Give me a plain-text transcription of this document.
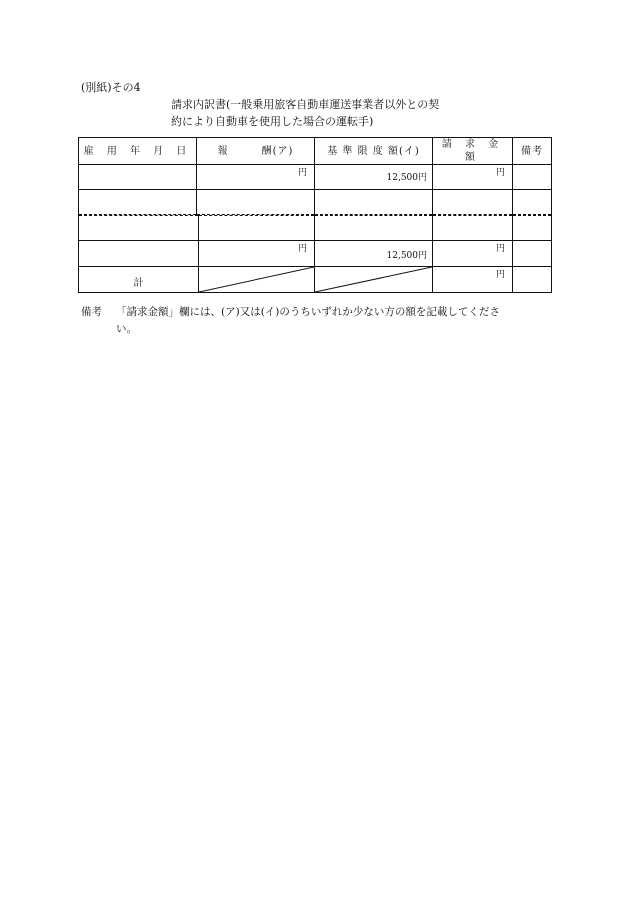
(別紙)その4
請求内訳書(一般乗用旅客自動車運送事業者以外との契
約により自動車を使用した場合の運転手)
雇 用 年 月 日	報　　　酬(ア)	基 準 限 度 額(イ)	請 求 金 額	備考

	円	12,500円	円	

	円	12,500円	円	

計			円	

備考 「請求金額」欄には、(ア)又は(イ)のうちいずれか少ない方の額を記載してくださ
い。
